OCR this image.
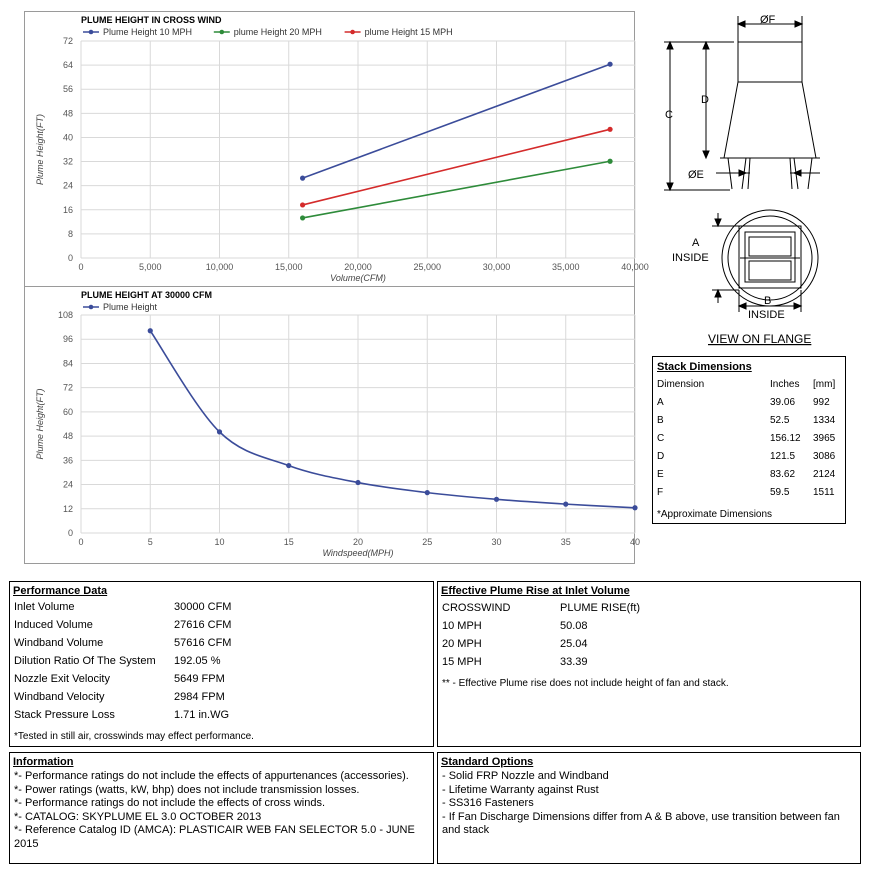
0
8
16
24
32
40
48
56
64
72
0	5,000	10,000	15,000	20,000	25,000	30,000	35,000	40,000
PLUME HEIGHT IN CROSS WIND
Volume(CFM)
Plume Height(FT)
Plume Height 10 MPH	plume Height 20 MPH	plume Height 15 MPH
0
12
24
36
48
60
72
84
96
108
0	5	10	15	20	25	30	35	40
PLUME HEIGHT AT 30000 CFM
Windspeed(MPH)
Plume Height(FT)
Plume Height
ØF
D
C
ØE
A
INSIDE
B
INSIDE
VIEW ON FLANGE
Stack Dimensions
Dimension	Inches [mm]
A	39.06 992
B	52.5 1334
C	156.12 3965
D	121.5 3086
E	83.62 2124
F	59.5 1511
*Approximate Dimensions
Performance Data
Inlet Volume	30000 CFM
Induced Volume	27616 CFM
Windband Volume	57616 CFM
Dilution Ratio Of The System 192.05 %
Nozzle Exit Velocity	5649 FPM
Windband Velocity	2984 FPM
Stack Pressure Loss	1.71 in.WG
*Tested in still air, crosswinds may effect performance.
Effective Plume Rise at Inlet Volume
CROSSWIND	PLUME RISE(ft)
10 MPH	50.08
20 MPH	25.04
15 MPH	33.39
** - Effective Plume rise does not include height of fan and stack.
Information
*- Performance ratings do not include the effects of appurtenances (accessories).
*- Power ratings (watts, kW, bhp) does not include transmission losses.
*- Performance ratings do not include the effects of cross winds.
*- CATALOG: SKYPLUME EL 3.0 OCTOBER 2013
*- Reference Catalog ID (AMCA): PLASTICAIR WEB FAN SELECTOR 5.0 - JUNE 2015
Standard Options
- Solid FRP Nozzle and Windband
- Lifetime Warranty against Rust
- SS316 Fasteners
- If Fan Discharge Dimensions differ from A & B above, use transition between fan and stack
